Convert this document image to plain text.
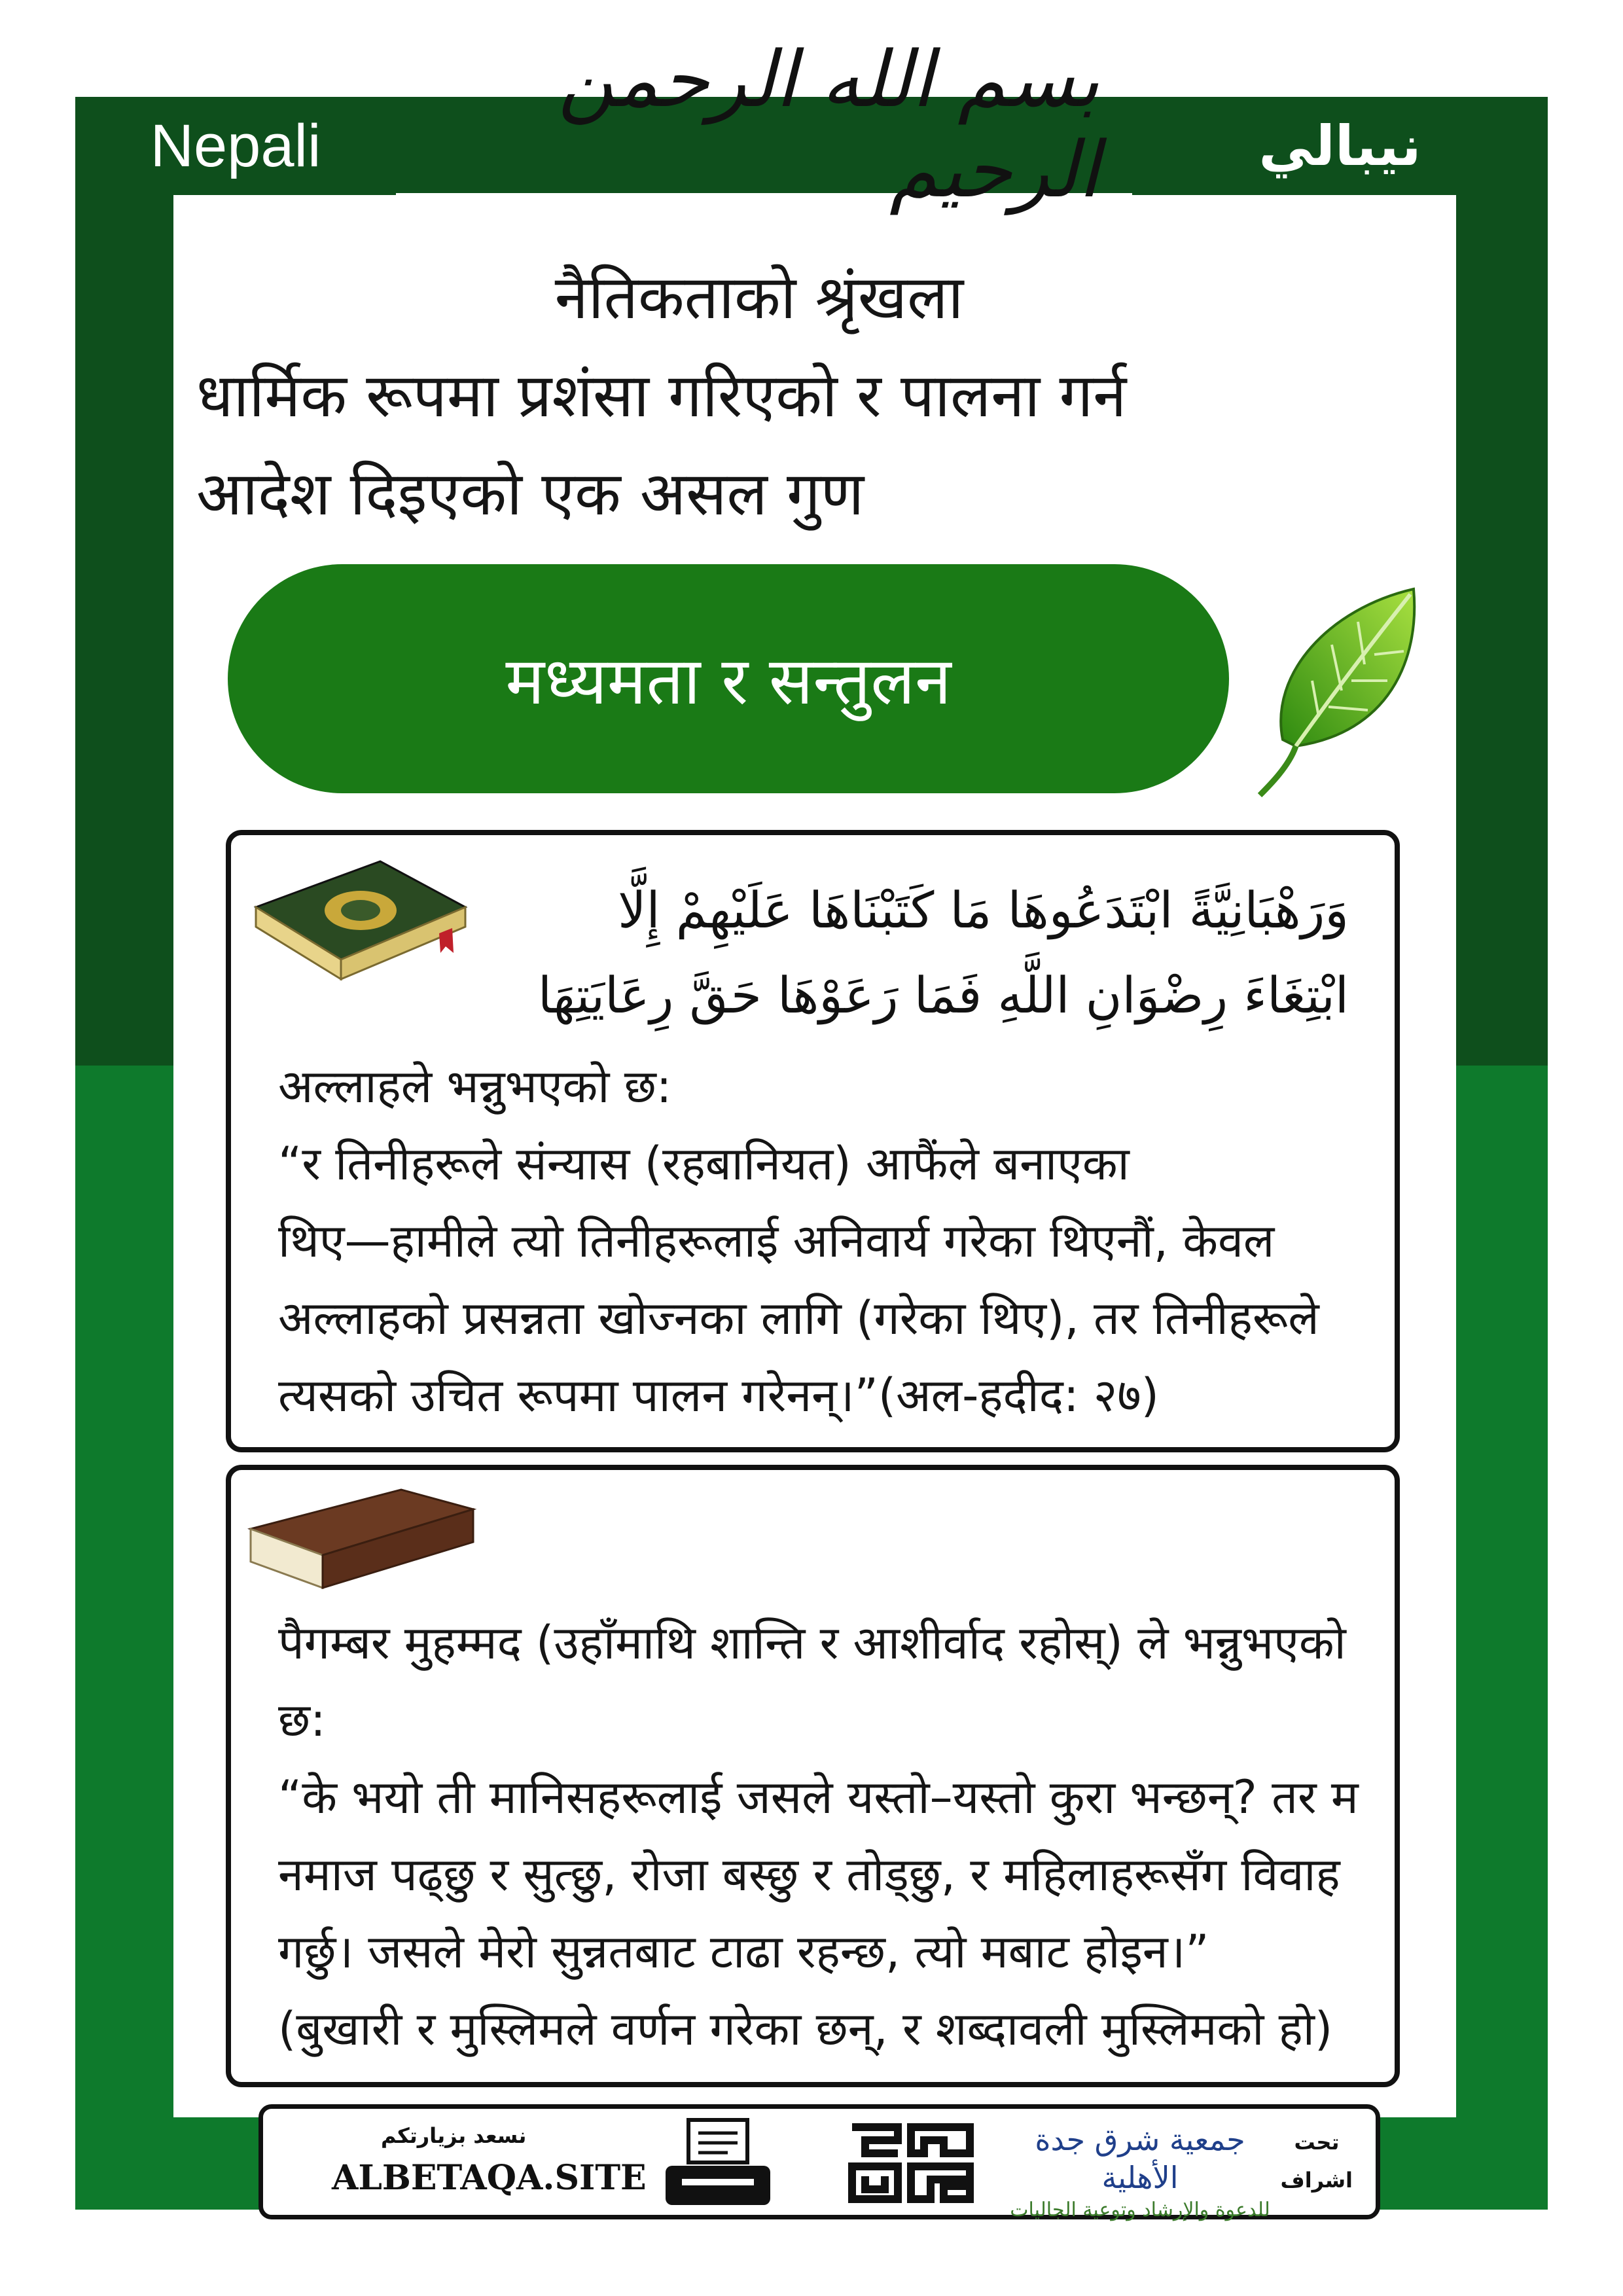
Nepali	نيبالي
بسم الله الرحمن الرحيم
नैतिकताको श्रृंखला
धार्मिक रूपमा प्रशंसा गरिएको र पालना गर्न
आदेश दिइएको एक असल गुण
मध्यमता र सन्तुलन
وَرَهْبَانِيَّةً ابْتَدَعُوهَا مَا كَتَبْنَاهَا عَلَيْهِمْ إِلَّا ابْتِغَاءَ رِضْوَانِ اللَّهِ فَمَا رَعَوْهَا حَقَّ رِعَايَتِهَا
अल्लाहले भन्नुभएको छ:
“र तिनीहरूले संन्यास (रहबानियत) आफैंले बनाएका
थिए—हामीले त्यो तिनीहरूलाई अनिवार्य गरेका थिएनौं, केवल
अल्लाहको प्रसन्नता खोज्नका लागि (गरेका थिए), तर तिनीहरूले
त्यसको उचित रूपमा पालन गरेनन्।”(अल-हदीद: २७)
पैगम्बर मुहम्मद (उहाँमाथि शान्ति र आशीर्वाद रहोस्) ले भन्नुभएको
छ:
“के भयो ती मानिसहरूलाई जसले यस्तो–यस्तो कुरा भन्छन्? तर म
नमाज पढ्छु र सुत्छु, रोजा बस्छु र तोड्छु, र महिलाहरूसँग विवाह
गर्छु। जसले मेरो सुन्नतबाट टाढा रहन्छ, त्यो मबाट होइन।”
(बुखारी र मुस्लिमले वर्णन गरेका छन्, र शब्दावली मुस्लिमको हो)
نسعد بزيارتكم
ALBETAQA.SITE
جمعية شرق جدة الأهلية
للدعوة والإرشاد وتوعية الجاليات
تحت
اشراف
